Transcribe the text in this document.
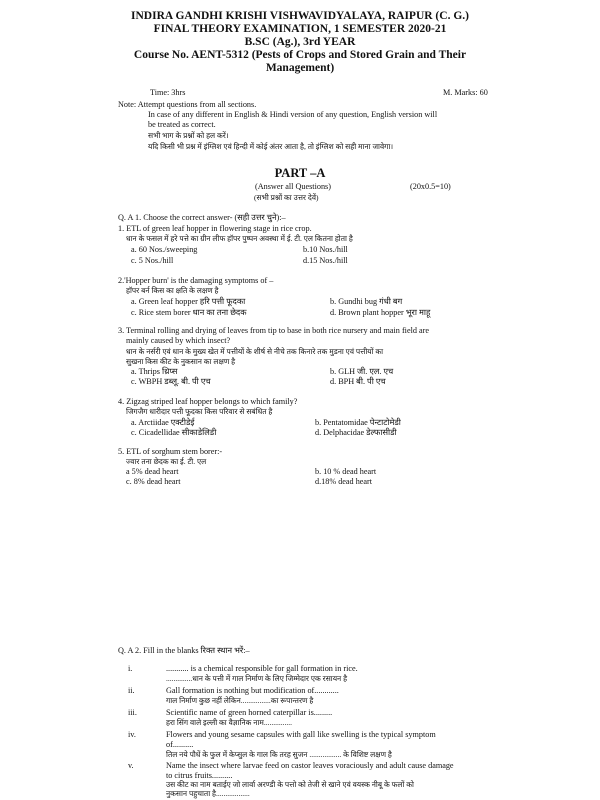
INDIRA GANDHI KRISHI VISHWAVIDYALAYA, RAIPUR (C. G.)
FINAL THEORY EXAMINATION, 1 SEMESTER 2020-21
B.SC (Ag.), 3rd YEAR
Course No. AENT-5312 (Pests of Crops and Stored Grain and Their
Management)
Time: 3hrs	M. Marks: 60
Note: Attempt questions from all sections.
In case of any different in English & Hindi version of any question, English version will
be treated as correct.
सभी भाग के प्रश्नों को हल करें।
यदि किसी भी प्रश्न में इंग्लिश एवं हिन्दी में कोई अंतर आता है, तो इंग्लिश को सही माना जावेगा।
PART –A
(Answer all Questions)	(20x0.5=10)
(सभी प्रश्नों का उत्तर देवें)
Q. A 1. Choose the correct answer- (सही उत्तर चुने):–
1. ETL of green leaf hopper in flowering stage in rice crop.
धान के फसल में हरे पत्ते का ग्रीन लीफ हॉपर पुष्पन अवस्था में ई. टी. एल कितना होता है
a. 60 Nos./sweeping	b.10 Nos./hill
c. 5 Nos./hill	d.15 Nos./hill
2.'Hopper burn' is the damaging symptoms of –
हॉपर बर्न किस का क्षति के लक्षण है
a. Green leaf hopper हरि पत्ती फूदका	b. Gundhi bug गंधी बग
c. Rice stem borer धान का तना छेदक	d. Brown plant hopper भूरा माहू
3. Terminal rolling and drying of leaves from tip to base in both rice nursery and main field are
mainly caused by which insect?
धान के नर्सरी एवं धान के मुख्य खेत में पत्तीयों के शीर्ष से नीचे तक किनारे तक मुडना एवं पत्तीयों का
सुखना किस कीट के नुकसान का लक्षण है
a. Thrips थ्रिप्स	b. GLH जी. एल. एच
c. WBPH डब्लू. बी. पी एच	d. BPH बी. पी एच
4. Zigzag striped leaf hopper belongs to which family?
जिगजैग धारीदार पत्ती फूदका किस परिवार से सबंधित है
a. Arctiidae एक्टीडेई	b. Pentatomidae पेन्टाटोमेडी
c. Cicadellidae सीकाडेलिडी	d. Delphacidae डेल्फासीडी
5. ETL of sorghum stem borer:-
ज्वार तना छेदक का ई. टी. एल
a 5% dead heart	b. 10 % dead heart
c. 8% dead heart	d.18% dead heart
Q. A 2. Fill in the blanks रिक्त स्थान भरें:–
i.	........... is a chemical responsible for gall formation in rice.
..............धान के पत्ती में गाल निर्माण के लिए जिम्मेदार एक रसायन है
ii.	Gall formation is nothing but modification of............
गाल निर्माण कुछ नहीं लेकिन................का रूपान्तरण है
iii.	Scientific name of green horned caterpillar is.........
हरा सिंग वाले इल्ली का वैज्ञानिक नाम...............
iv.	Flowers and young sesame capsules with gall like swelling is the typical symptom
of..........
तिल नये पौधें के फुल में केप्सुल के गाल कि तरह सुजन ................. के विशिष्ट लक्षण है
v.	Name the insect where larvae feed on castor leaves voraciously and adult cause damage
to citrus fruits..........
उस कीट का नाम बताईए जो लार्वा अरण्डी के पत्तो को तेजी से खाने एवं वयस्क नीबू के फलों को
नुकसान पहुचाता है..................
